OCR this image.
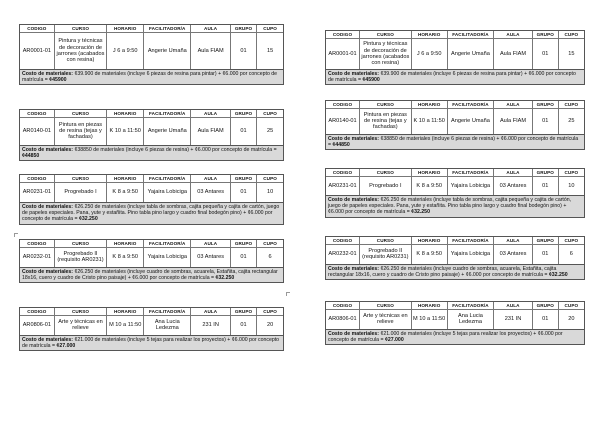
CODIGO	CURSO	HORARIO	FACILITADOR/A	AULA	GRUPO	CUPO
AR0001-01	Pintura y técnicas de decoración de jarrones (acabados con resina)	J 6 a 9:50	Angerie Umaña	Aula FIAM	01	15
Costo de materiales: ¢39.900 de materiales (incluye 6 piezas de resina para pintar) + ¢6.000 por concepto de matrícula = ¢45900
CODIGO	CURSO	HORARIO	FACILITADOR/A	AULA	GRUPO	CUPO
AR0140-01	Pintura en piezas de resina (tejas y fachadas)	K 10 a 11:50	Angerie Umaña	Aula FIAM	01	25
Costo de materiales: ¢38850 de materiales (incluye 6 piezas de resina) + ¢6.000 por concepto de matrícula = ¢44850
CODIGO	CURSO	HORARIO	FACILITADOR/A	AULA	GRUPO	CUPO
AR0231-01	Progrebado I	K 8 a 9:50	Yajaira Lobiciga	03 Antares	01	10
Costo de materiales: ¢26.250 de materiales (incluye tabla de sombras, cajita pequeña y cajita de cartón, juego de papeles especiales. Pana, yute y estañita. Pino tabla pino largo y cuadro final bodegón pino) + ¢6.000 por concepto de matrícula = ¢32.250
CODIGO	CURSO	HORARIO	FACILITADOR/A	AULA	GRUPO	CUPO
AR0232-01	Progrebado II (requisito AR0231)	K 8 a 9:50	Yajaira Lobiciga	03 Antares	01	6
Costo de materiales: ¢26.250 de materiales (incluye cuadro de sombras, acuarela, Estañita, cajita rectangular 18x16, cuero y cuadro de Cristo pino paisaje) + ¢6.000 por concepto de matrícula = ¢32.250
CODIGO	CURSO	HORARIO	FACILITADOR/A	AULA	GRUPO	CUPO
AR0806-01	Arte y técnicas en relieve	M 10 a 11:50	Ana Lucia Ledezma	231 IN	01	20
Costo de materiales: ¢21.000 de materiales (incluye 5 tejas para realizar los proyectos) + ¢6.000 por concepto de matrícula = ¢27.000
CODIGO	CURSO	HORARIO	FACILITADOR/A	AULA	GRUPO	CUPO
AR0001-01	Pintura y técnicas de decoración de jarrones (acabados con resina)	J 6 a 9:50	Angerie Umaña	Aula FIAM	01	15
Costo de materiales: ¢39.900 de materiales (incluye 6 piezas de resina para pintar) + ¢6.000 por concepto de matrícula = ¢45900
CODIGO	CURSO	HORARIO	FACILITADOR/A	AULA	GRUPO	CUPO
AR0140-01	Pintura en piezas de resina (tejas y fachadas)	K 10 a 11:50	Angerie Umaña	Aula FIAM	01	25
Costo de materiales: ¢38850 de materiales (incluye 6 piezas de resina) + ¢6.000 por concepto de matrícula = ¢44850
CODIGO	CURSO	HORARIO	FACILITADOR/A	AULA	GRUPO	CUPO
AR0231-01	Progrebado I	K 8 a 9:50	Yajaira Lobiciga	03 Antares	01	10
Costo de materiales: ¢26.250 de materiales (incluye tabla de sombras, cajita pequeña y cajita de cartón, juego de papeles especiales. Pana, yute y estañita. Pino tabla pino largo y cuadro final bodegón pino) + ¢6.000 por concepto de matrícula = ¢32.250
CODIGO	CURSO	HORARIO	FACILITADOR/A	AULA	GRUPO	CUPO
AR0232-01	Progrebado II (requisito AR0231)	K 8 a 9:50	Yajaira Lobiciga	03 Antares	01	6
Costo de materiales: ¢26.250 de materiales (incluye cuadro de sombras, acuarela, Estañita, cajita rectangular 18x16, cuero y cuadro de Cristo pino paisaje) + ¢6.000 por concepto de matrícula = ¢32.250
CODIGO	CURSO	HORARIO	FACILITADOR/A	AULA	GRUPO	CUPO
AR0806-01	Arte y técnicas en relieve	M 10 a 11:50	Ana Lucia Ledezma	231 IN	01	20
Costo de materiales: ¢21.000 de materiales (incluye 5 tejas para realizar los proyectos) + ¢6.000 por concepto de matrícula = ¢27.000
